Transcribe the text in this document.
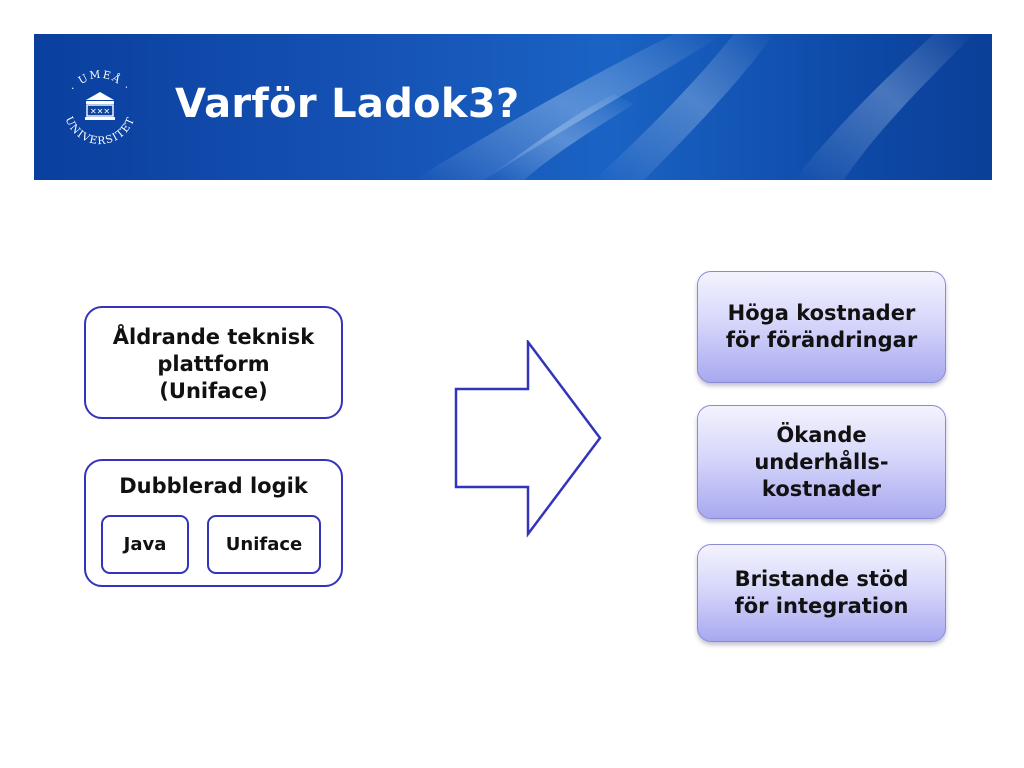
· UMEÅ ·
UNIVERSITET
✕✕✕ Varför Ladok3?
Åldrande teknisk
plattform
(Uniface)
Dubblerad logik
Java	Uniface
Höga kostnader
för förändringar
Ökande
underhålls-
kostnader
Bristande stöd
för integration
